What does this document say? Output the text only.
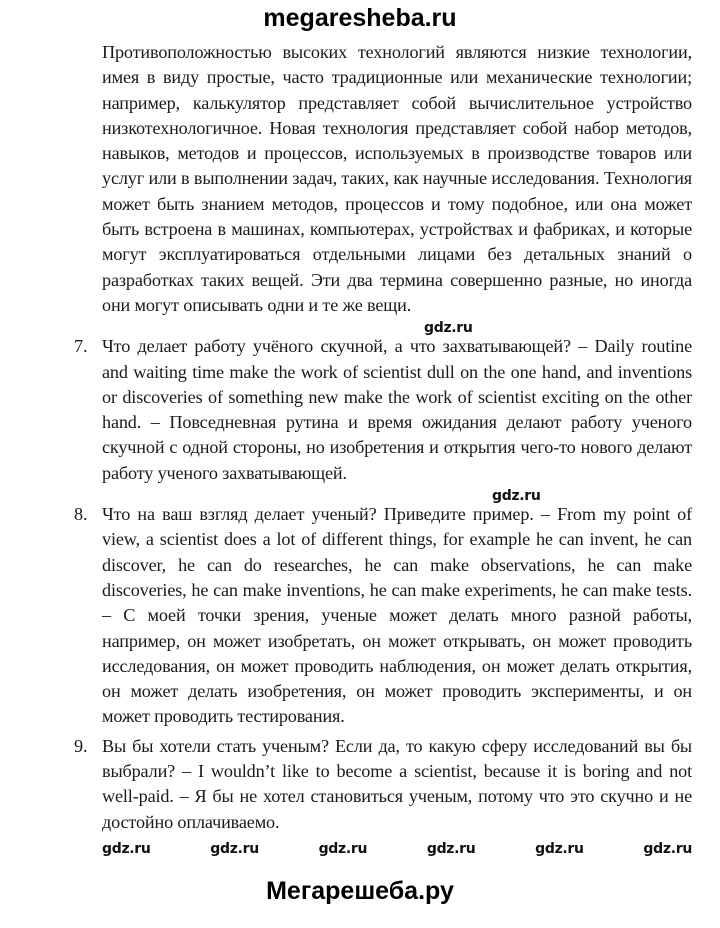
megaresheba.ru

Противоположностью высоких технологий являются низкие технологии, имея в виду простые, часто традиционные или механические технологии; например, калькулятор представляет собой вычислительное устройство низкотехнологичное. Новая технология представляет собой набор методов, навыков, методов и процессов, используемых в производстве товаров или услуг или в выполнении задач, таких, как научные исследования. Технология может быть знанием методов, процессов и тому подобное, или она может быть встроена в машинах, компьютерах, устройствах и фабриках, и которые могут эксплуатироваться отдельными лицами без детальных знаний о разработках таких вещей. Эти два термина совершенно разные, но иногда они могут описывать одни и те же вещи.

gdz.ru
7. Что делает работу учёного скучной, а что захватывающей? – Daily routine and waiting time make the work of scientist dull on the one hand, and inventions or discoveries of something new make the work of scientist exciting on the other hand. – Повседневная рутина и время ожидания делают работу ученого скучной с одной стороны, но изобретения и открытия чего-то нового делают работу ученого захватывающей.
gdz.ru
8. Что на ваш взгляд делает ученый? Приведите пример. – From my point of view, a scientist does a lot of different things, for example he can invent, he can discover, he can do researches, he can make observations, he can make discoveries, he can make inventions, he can make experiments, he can make tests. – С моей точки зрения, ученые может делать много разной работы, например, он может изобретать, он может открывать, он может проводить исследования, он может проводить наблюдения, он может делать открытия, он может делать изобретения, он может проводить эксперименты, и он может проводить тестирования.
9. Вы бы хотели стать ученым? Если да, то какую сферу исследований вы бы выбрали? – I wouldn’t like to become a scientist, because it is boring and not well-paid. – Я бы не хотел становиться ученым, потому что это скучно и не достойно оплачиваемо.
gdz.ru	gdz.ru	gdz.ru	gdz.ru	gdz.ru	gdz.ru
Мегарешеба.ру
